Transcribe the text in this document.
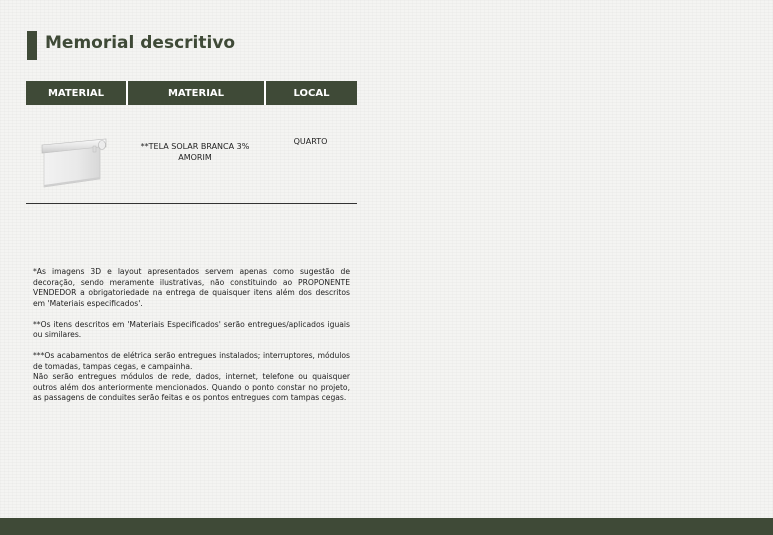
Memorial descritivo
MATERIAL	MATERIAL	LOCAL
**TELA SOLAR BRANCA 3% AMORIM
QUARTO

*As imagens 3D e layout apresentados servem apenas como sugestão de decoração, sendo meramente ilustrativas, não constituindo ao PROPONENTE VENDEDOR a obrigatoriedade na entrega de quaisquer itens além dos descritos em 'Materiais especificados'.

**Os itens descritos em 'Materiais Especificados' serão entregues/aplicados iguais ou similares.

***Os acabamentos de elétrica serão entregues instalados; interruptores, módulos de tomadas, tampas cegas, e campainha.

Não serão entregues módulos de rede, dados, internet, telefone ou quaisquer outros além dos anteriormente mencionados. Quando o ponto constar no projeto, as passagens de conduites serão feitas e os pontos entregues com tampas cegas.
